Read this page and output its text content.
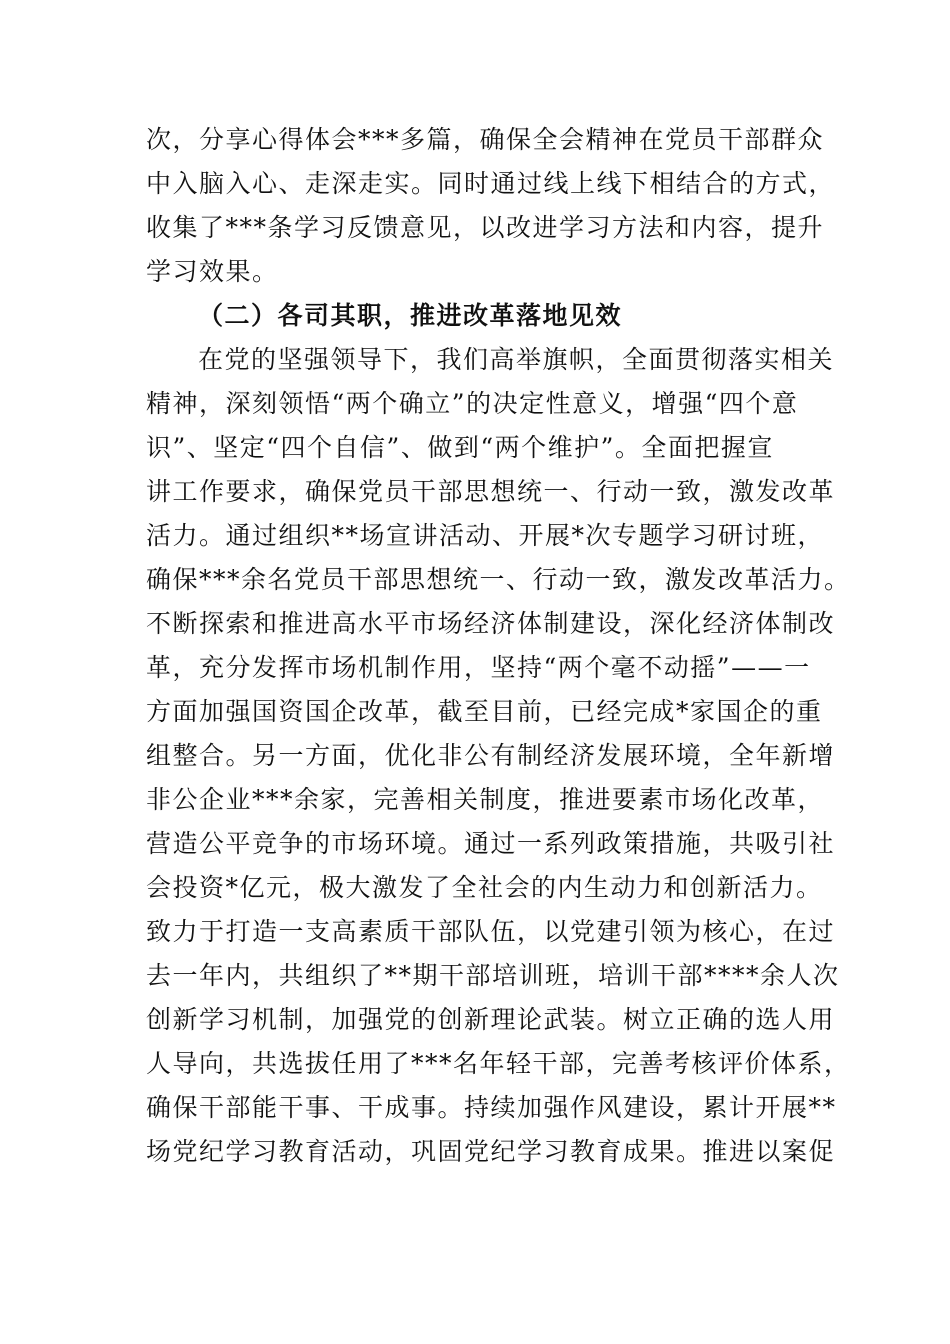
次，分享心得体会***多篇，确保全会精神在党员干部群众
中入脑入心、走深走实。同时通过线上线下相结合的方式，
收集了***条学习反馈意见，以改进学习方法和内容，提升
学习效果。
（二）各司其职，推进改革落地见效
在党的坚强领导下，我们高举旗帜，全面贯彻落实相关
精神，深刻领悟“两个确立”的决定性意义，增强“四个意
识”、坚定“四个自信”、做到“两个维护”。全面把握宣
讲工作要求，确保党员干部思想统一、行动一致，激发改革
活力。通过组织**场宣讲活动、开展*次专题学习研讨班，
确保***余名党员干部思想统一、行动一致，激发改革活力。
不断探索和推进高水平市场经济体制建设，深化经济体制改
革，充分发挥市场机制作用，坚持“两个毫不动摇”——一
方面加强国资国企改革，截至目前，已经完成*家国企的重
组整合。另一方面，优化非公有制经济发展环境，全年新增
非公企业***余家，完善相关制度，推进要素市场化改革，
营造公平竞争的市场环境。通过一系列政策措施，共吸引社
会投资*亿元，极大激发了全社会的内生动力和创新活力。
致力于打造一支高素质干部队伍，以党建引领为核心，在过
去一年内，共组织了**期干部培训班，培训干部****余人次
创新学习机制，加强党的创新理论武装。树立正确的选人用
人导向，共选拔任用了***名年轻干部，完善考核评价体系，
确保干部能干事、干成事。持续加强作风建设，累计开展**
场党纪学习教育活动，巩固党纪学习教育成果。推进以案促
